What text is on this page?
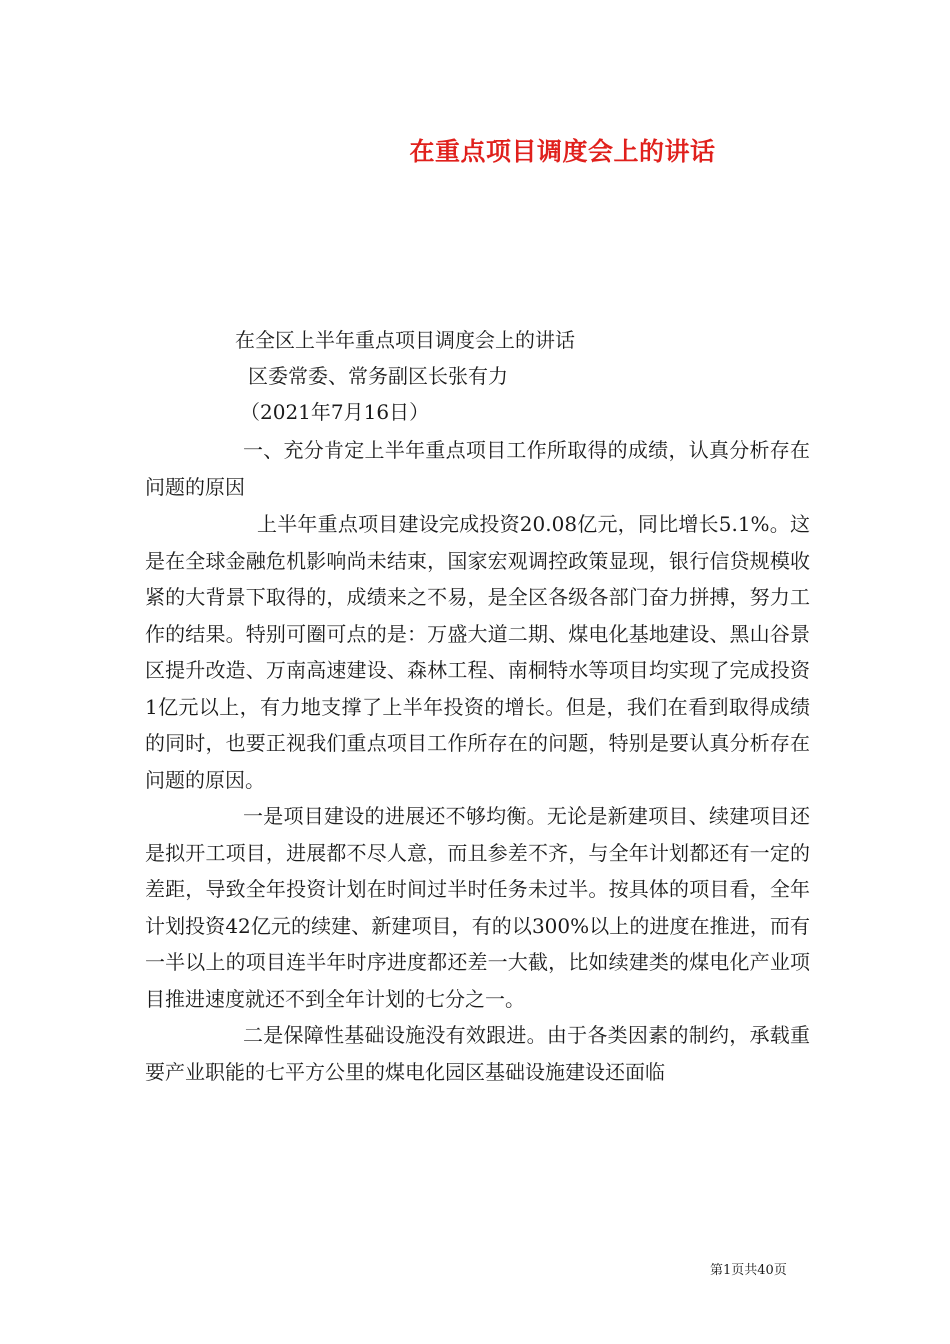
在重点项目调度会上的讲话
在全区上半年重点项目调度会上的讲话
区委常委、常务副区长张有力
（2021年7月16日）

一、充分肯定上半年重点项目工作所取得的成绩，认真分析存在问题的原因

上半年重点项目建设完成投资20.08亿元，同比增长5.1%。这是在全球金融危机影响尚未结束，国家宏观调控政策显现，银行信贷规模收紧的大背景下取得的，成绩来之不易，是全区各级各部门奋力拼搏，努力工作的结果。特别可圈可点的是：万盛大道二期、煤电化基地建设、黑山谷景区提升改造、万南高速建设、森林工程、南桐特水等项目均实现了完成投资1亿元以上，有力地支撑了上半年投资的增长。但是，我们在看到取得成绩的同时，也要正视我们重点项目工作所存在的问题，特别是要认真分析存在问题的原因。

一是项目建设的进展还不够均衡。无论是新建项目、续建项目还是拟开工项目，进展都不尽人意，而且参差不齐，与全年计划都还有一定的差距，导致全年投资计划在时间过半时任务未过半。按具体的项目看，全年计划投资42亿元的续建、新建项目，有的以300%以上的进度在推进，而有一半以上的项目连半年时序进度都还差一大截，比如续建类的煤电化产业项目推进速度就还不到全年计划的七分之一。

二是保障性基础设施没有效跟进。由于各类因素的制约，承载重要产业职能的七平方公里的煤电化园区基础设施建设还面临

第1页共40页
